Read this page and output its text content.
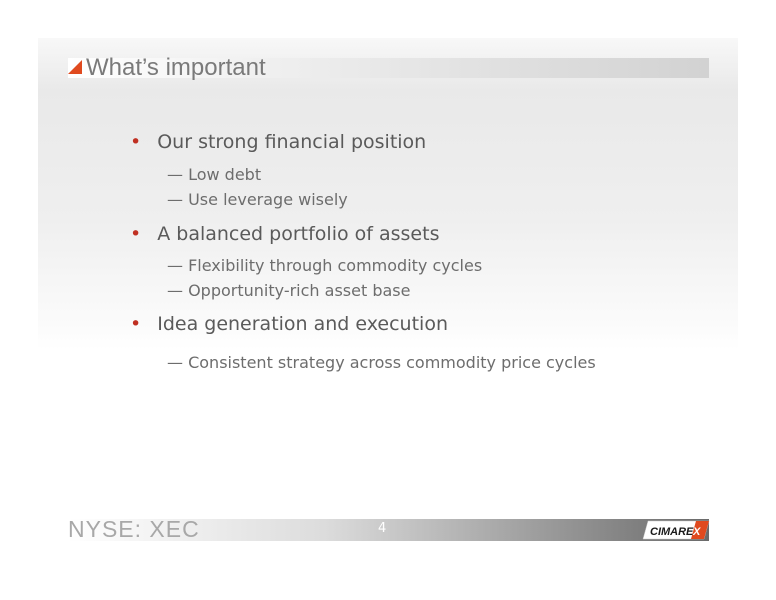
What’s important
• Our strong financial position
— Low debt
— Use leverage wisely
• A balanced portfolio of assets
— Flexibility through commodity cycles
— Opportunity-rich asset base
• Idea generation and execution
— Consistent strategy across commodity price cycles
NYSE: XEC	4	CIMARE X
